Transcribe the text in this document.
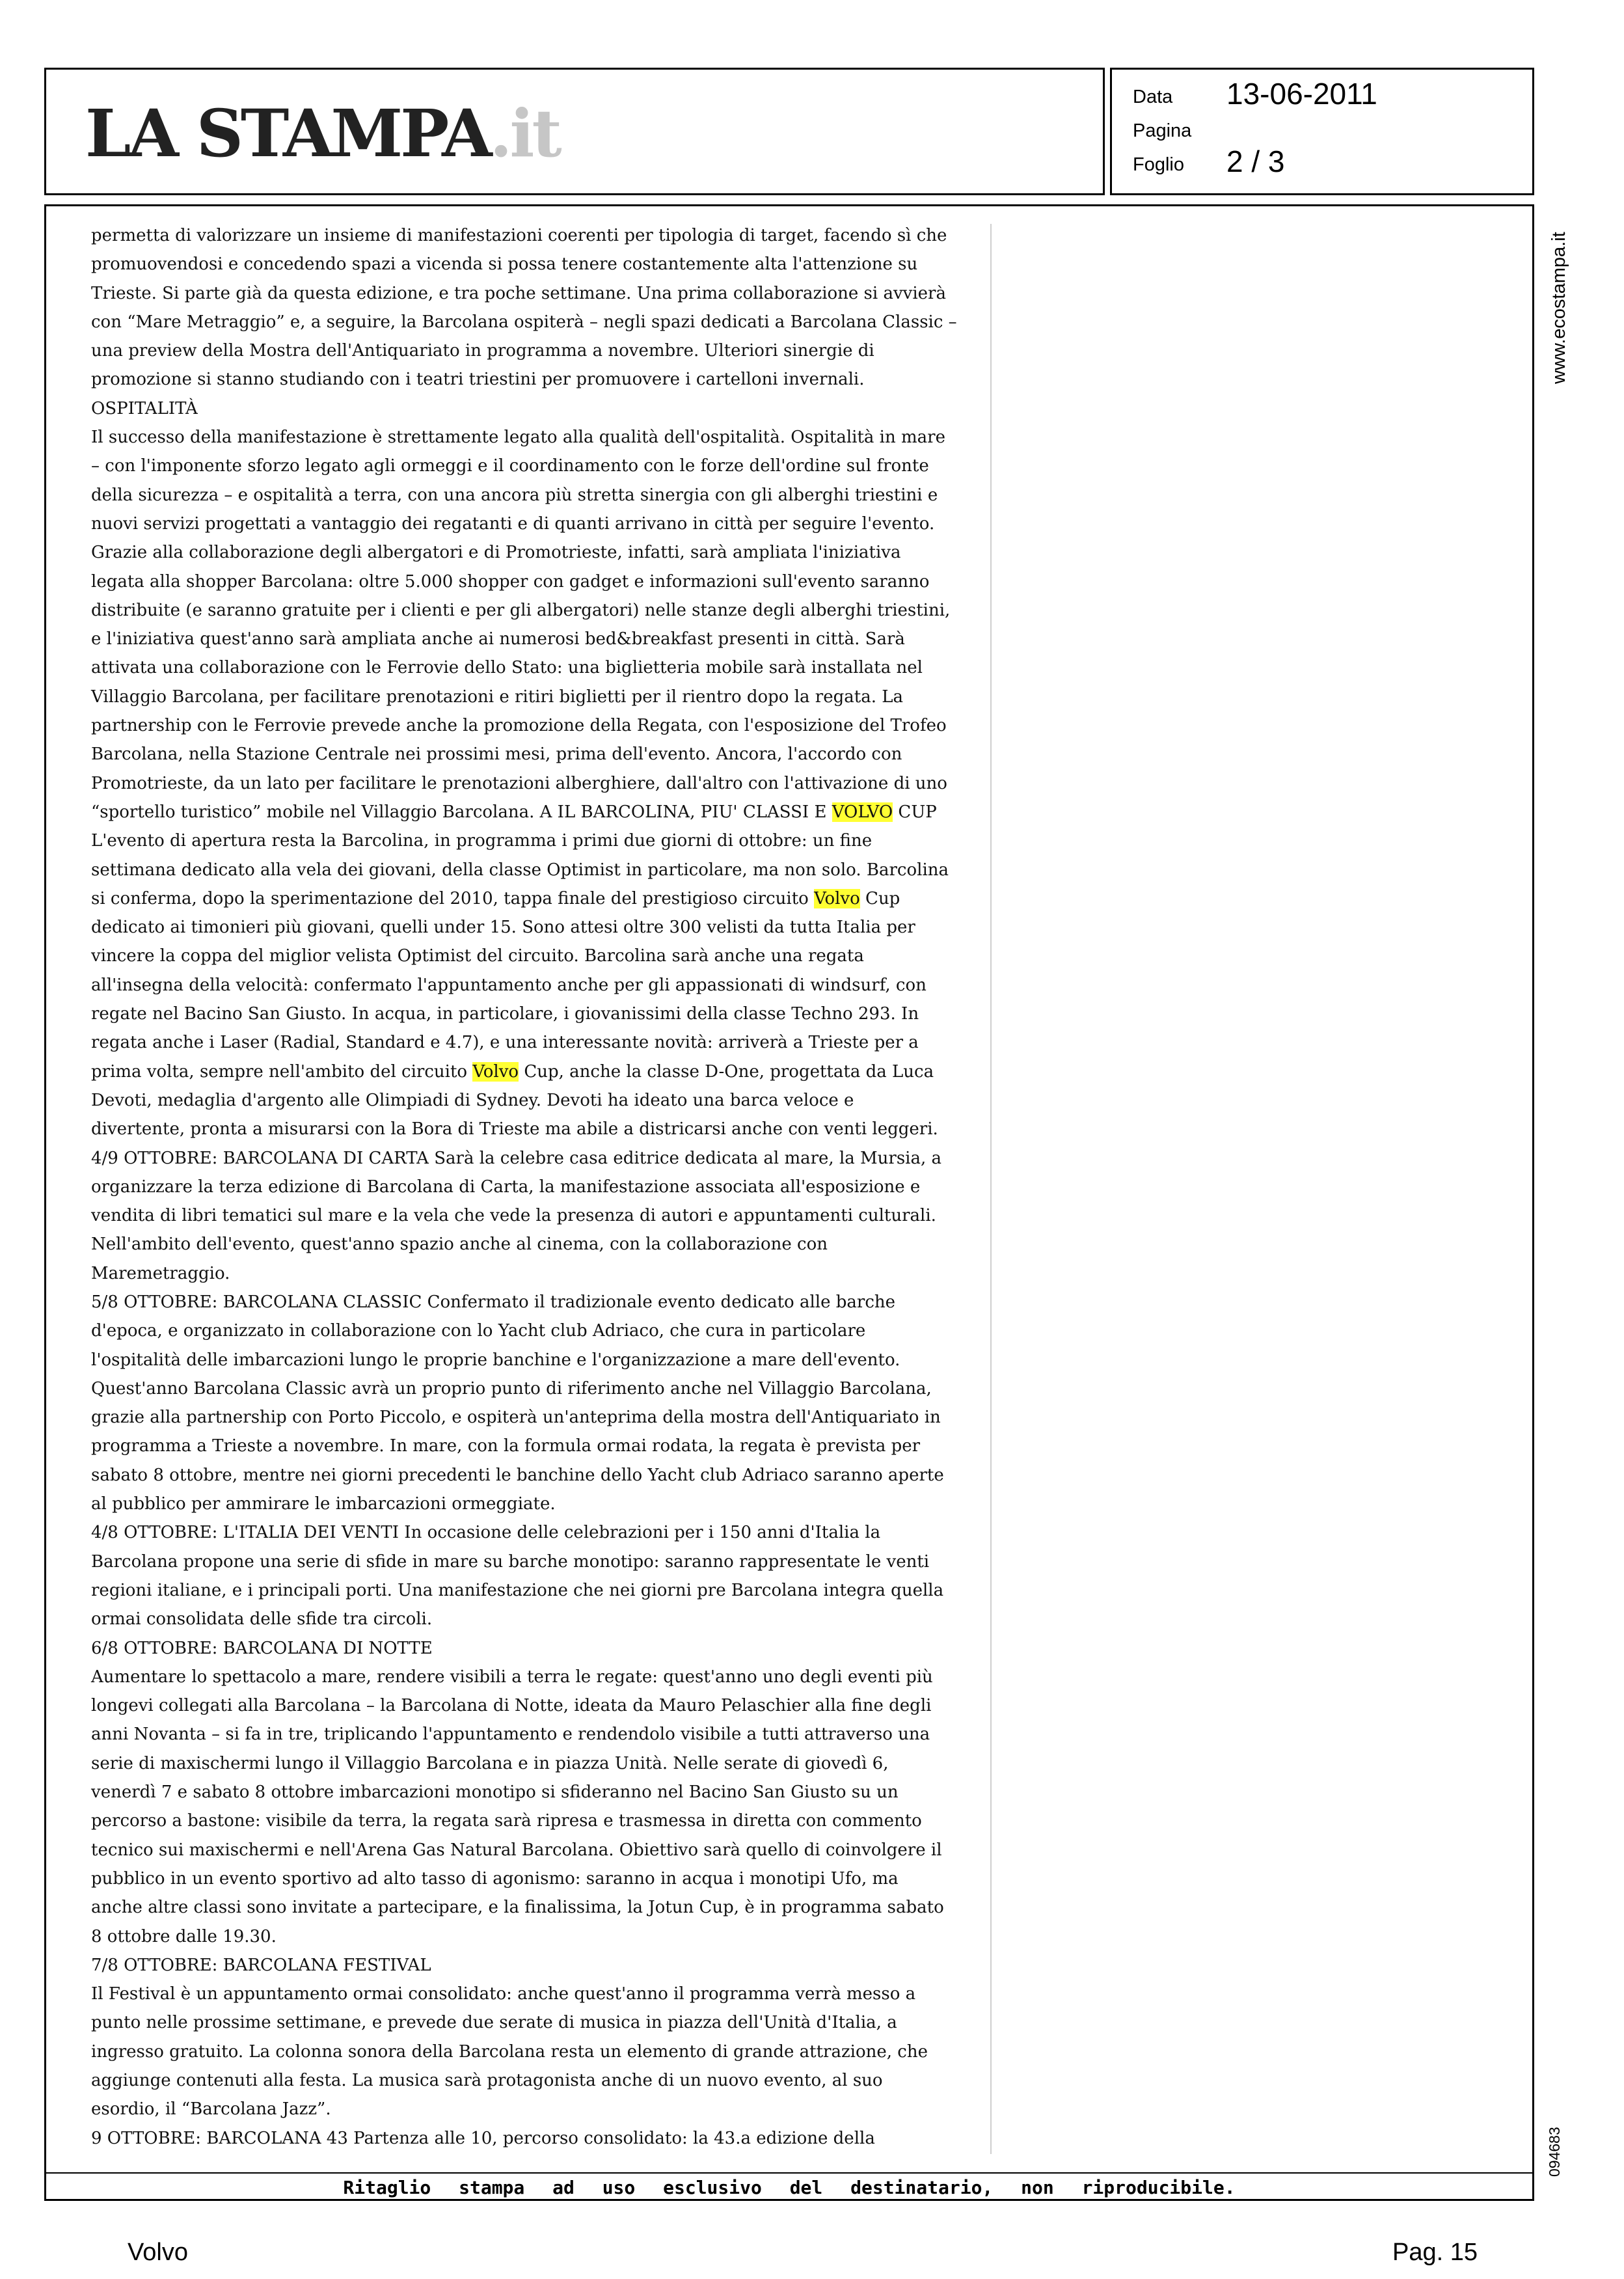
LA STAMPA.it	Data 13-06-2011
Pagina
Foglio 2 / 3

permetta di valorizzare un insieme di manifestazioni coerenti per tipologia di target, facendo sì che

promuovendosi e concedendo spazi a vicenda si possa tenere costantemente alta l'attenzione su

Trieste. Si parte già da questa edizione, e tra poche settimane. Una prima collaborazione si avvierà

con “Mare Metraggio” e, a seguire, la Barcolana ospiterà – negli spazi dedicati a Barcolana Classic –

una preview della Mostra dell'Antiquariato in programma a novembre. Ulteriori sinergie di

promozione si stanno studiando con i teatri triestini per promuovere i cartelloni invernali.

OSPITALITÀ

Il successo della manifestazione è strettamente legato alla qualità dell'ospitalità. Ospitalità in mare

– con l'imponente sforzo legato agli ormeggi e il coordinamento con le forze dell'ordine sul fronte

della sicurezza – e ospitalità a terra, con una ancora più stretta sinergia con gli alberghi triestini e

nuovi servizi progettati a vantaggio dei regatanti e di quanti arrivano in città per seguire l'evento.

Grazie alla collaborazione degli albergatori e di Promotrieste, infatti, sarà ampliata l'iniziativa

legata alla shopper Barcolana: oltre 5.000 shopper con gadget e informazioni sull'evento saranno

distribuite (e saranno gratuite per i clienti e per gli albergatori) nelle stanze degli alberghi triestini,

e l'iniziativa quest'anno sarà ampliata anche ai numerosi bed&breakfast presenti in città. Sarà

attivata una collaborazione con le Ferrovie dello Stato: una biglietteria mobile sarà installata nel

Villaggio Barcolana, per facilitare prenotazioni e ritiri biglietti per il rientro dopo la regata. La

partnership con le Ferrovie prevede anche la promozione della Regata, con l'esposizione del Trofeo

Barcolana, nella Stazione Centrale nei prossimi mesi, prima dell'evento. Ancora, l'accordo con

Promotrieste, da un lato per facilitare le prenotazioni alberghiere, dall'altro con l'attivazione di uno

“sportello turistico” mobile nel Villaggio Barcolana. A IL BARCOLINA, PIU' CLASSI E VOLVO CUP

L'evento di apertura resta la Barcolina, in programma i primi due giorni di ottobre: un fine

settimana dedicato alla vela dei giovani, della classe Optimist in particolare, ma non solo. Barcolina

si conferma, dopo la sperimentazione del 2010, tappa finale del prestigioso circuito Volvo Cup

dedicato ai timonieri più giovani, quelli under 15. Sono attesi oltre 300 velisti da tutta Italia per

vincere la coppa del miglior velista Optimist del circuito. Barcolina sarà anche una regata

all'insegna della velocità: confermato l'appuntamento anche per gli appassionati di windsurf, con

regate nel Bacino San Giusto. In acqua, in particolare, i giovanissimi della classe Techno 293. In

regata anche i Laser (Radial, Standard e 4.7), e una interessante novità: arriverà a Trieste per a

prima volta, sempre nell'ambito del circuito Volvo Cup, anche la classe D-One, progettata da Luca

Devoti, medaglia d'argento alle Olimpiadi di Sydney. Devoti ha ideato una barca veloce e

divertente, pronta a misurarsi con la Bora di Trieste ma abile a districarsi anche con venti leggeri.

4/9 OTTOBRE: BARCOLANA DI CARTA Sarà la celebre casa editrice dedicata al mare, la Mursia, a

organizzare la terza edizione di Barcolana di Carta, la manifestazione associata all'esposizione e

vendita di libri tematici sul mare e la vela che vede la presenza di autori e appuntamenti culturali.

Nell'ambito dell'evento, quest'anno spazio anche al cinema, con la collaborazione con

Maremetraggio.

5/8 OTTOBRE: BARCOLANA CLASSIC Confermato il tradizionale evento dedicato alle barche

d'epoca, e organizzato in collaborazione con lo Yacht club Adriaco, che cura in particolare

l'ospitalità delle imbarcazioni lungo le proprie banchine e l'organizzazione a mare dell'evento.

Quest'anno Barcolana Classic avrà un proprio punto di riferimento anche nel Villaggio Barcolana,

grazie alla partnership con Porto Piccolo, e ospiterà un'anteprima della mostra dell'Antiquariato in

programma a Trieste a novembre. In mare, con la formula ormai rodata, la regata è prevista per

sabato 8 ottobre, mentre nei giorni precedenti le banchine dello Yacht club Adriaco saranno aperte

al pubblico per ammirare le imbarcazioni ormeggiate.

4/8 OTTOBRE: L'ITALIA DEI VENTI In occasione delle celebrazioni per i 150 anni d'Italia la

Barcolana propone una serie di sfide in mare su barche monotipo: saranno rappresentate le venti

regioni italiane, e i principali porti. Una manifestazione che nei giorni pre Barcolana integra quella

ormai consolidata delle sfide tra circoli.

6/8 OTTOBRE: BARCOLANA DI NOTTE

Aumentare lo spettacolo a mare, rendere visibili a terra le regate: quest'anno uno degli eventi più

longevi collegati alla Barcolana – la Barcolana di Notte, ideata da Mauro Pelaschier alla fine degli

anni Novanta – si fa in tre, triplicando l'appuntamento e rendendolo visibile a tutti attraverso una

serie di maxischermi lungo il Villaggio Barcolana e in piazza Unità. Nelle serate di giovedì 6,

venerdì 7 e sabato 8 ottobre imbarcazioni monotipo si sfideranno nel Bacino San Giusto su un

percorso a bastone: visibile da terra, la regata sarà ripresa e trasmessa in diretta con commento

tecnico sui maxischermi e nell'Arena Gas Natural Barcolana. Obiettivo sarà quello di coinvolgere il

pubblico in un evento sportivo ad alto tasso di agonismo: saranno in acqua i monotipi Ufo, ma

anche altre classi sono invitate a partecipare, e la finalissima, la Jotun Cup, è in programma sabato

8 ottobre dalle 19.30.

7/8 OTTOBRE: BARCOLANA FESTIVAL

Il Festival è un appuntamento ormai consolidato: anche quest'anno il programma verrà messo a

punto nelle prossime settimane, e prevede due serate di musica in piazza dell'Unità d'Italia, a

ingresso gratuito. La colonna sonora della Barcolana resta un elemento di grande attrazione, che

aggiunge contenuti alla festa. La musica sarà protagonista anche di un nuovo evento, al suo

esordio, il “Barcolana Jazz”.

9 OTTOBRE: BARCOLANA 43 Partenza alle 10, percorso consolidato: la 43.a edizione della

www.ecostampa.it
094683
Ritaglio stampa ad uso esclusivo del destinatario, non riproducibile.
Volvo	Pag. 15
